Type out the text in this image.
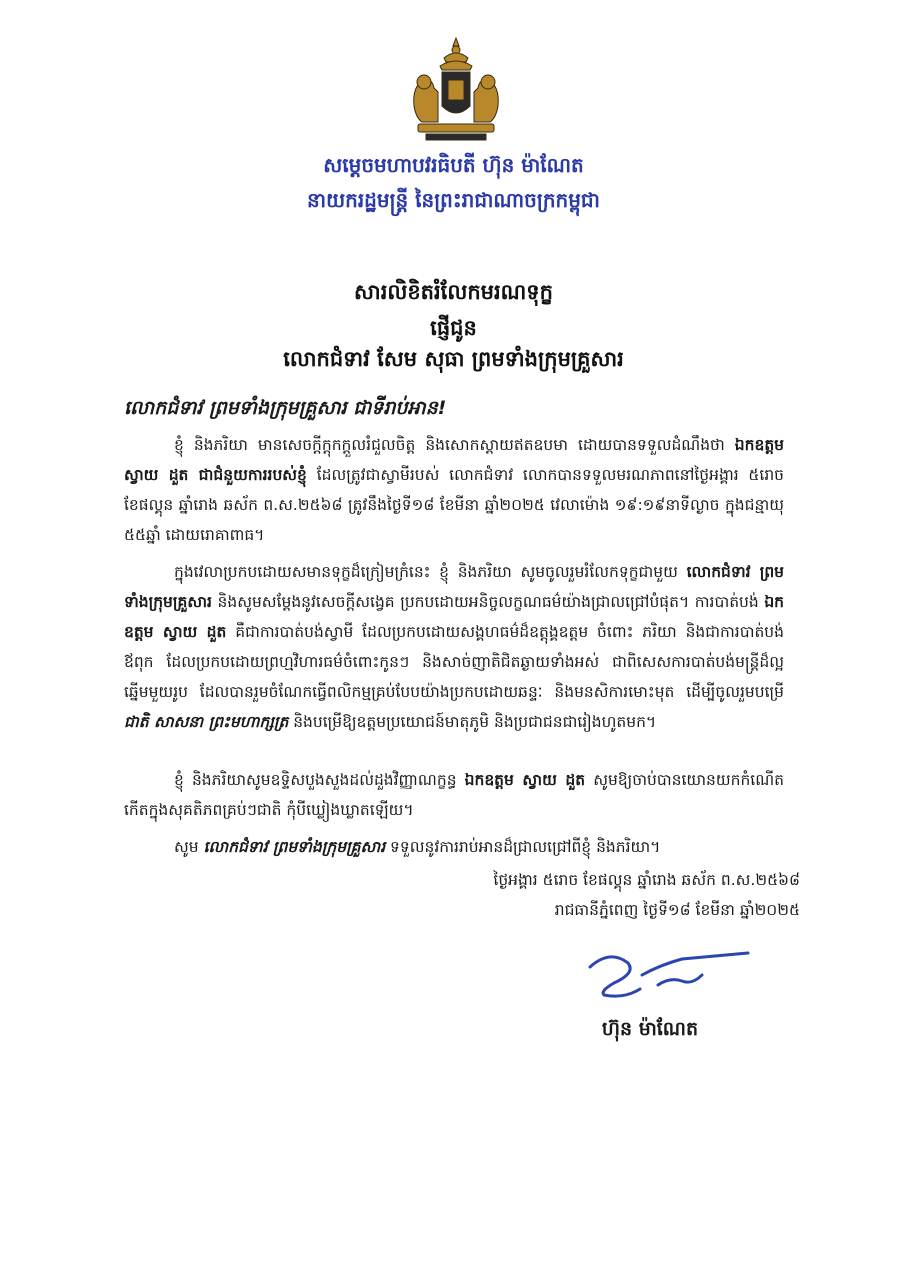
សម្តេចមហាបវរធិបតី ហ៊ុន ម៉ាណែត
នាយករដ្ឋមន្ត្រី នៃព្រះរាជាណាចក្រកម្ពុជា
សារលិខិតរំលែកមរណទុក្ខ
ផ្ញើជូន
លោកជំទាវ សែម សុធា ព្រមទាំងក្រុមគ្រួសារ
លោកជំទាវ ព្រមទាំងក្រុមគ្រួសារ ជាទីរាប់អាន!
ខ្ញុំ និងភរិយា មានសេចក្តីក្តុកក្តួលរំជួលចិត្ត និងសោកស្តាយឥតឧបមា ដោយបានទទួលដំណឹងថា ឯកឧត្តម ស្វាយ ដួត ជាជំនួយការរបស់ខ្ញុំ ដែលត្រូវជាស្វាមីរបស់ លោកជំទាវ លោកបានទទួលមរណភាពនៅថ្ងៃអង្គារ ៥រោច ខែផល្គុន ឆ្នាំរោង ឆស័ក ព.ស.២៥៦៨ ត្រូវនឹងថ្ងៃទី១៨ ខែមីនា ឆ្នាំ២០២៥ វេលាម៉ោង ១៩:១៩នាទីល្ងាច ក្នុងជន្មាយុ ៥៥ឆ្នាំ ដោយរោគាពាធ។
ក្នុងវេលាប្រកបដោយសមានទុក្ខដ៏ក្រៀមក្រំនេះ ខ្ញុំ និងភរិយា សូមចូលរួមរំលែកទុក្ខជាមួយ លោកជំទាវ ព្រមទាំងក្រុមគ្រួសារ និងសូមសម្តែងនូវសេចក្តីសង្វេគ ប្រកបដោយអនិច្ចលក្ខណធម៌យ៉ាងជ្រាលជ្រៅបំផុត។ ការបាត់បង់ ឯកឧត្តម ស្វាយ ដួត គឺជាការបាត់បង់ស្វាមី ដែលប្រកបដោយសង្គហធម៌ដ៏ឧត្តុង្គឧត្តម ចំពោះ ភរិយា និងជាការបាត់បង់ឪពុក ដែលប្រកបដោយព្រហ្មវិហារធម៌ចំពោះកូនៗ និងសាច់ញាតិជិតឆ្ងាយទាំងអស់ ជាពិសេសការបាត់បង់មន្ត្រីដ៏ល្អឆ្នើមមួយរូប ដែលបានរួមចំណែកធ្វើពលិកម្មគ្រប់បែបយ៉ាងប្រកបដោយឆន្ទៈ និងមនសិការមោះមុត ដើម្បីចូលរួមបម្រើ ជាតិ សាសនា ព្រះមហាក្សត្រ និងបម្រើឱ្យឧត្តមប្រយោជន៍មាតុភូមិ និងប្រជាជនជារៀងហូតមក។
ខ្ញុំ និងភរិយាសូមឧទ្ទិសបួងសួងដល់ដួងវិញ្ញាណក្ខន្ធ ឯកឧត្តម ស្វាយ ដួត សូមឱ្យចាប់បានយោនយកកំណើតកើតក្នុងសុគតិភពគ្រប់ៗជាតិ កុំបីឃ្លៀងឃ្លាតឡើយ។
សូម លោកជំទាវ ព្រមទាំងក្រុមគ្រួសារ ទទួលនូវការរាប់អានដ៏ជ្រាលជ្រៅពីខ្ញុំ និងភរិយា។
ថ្ងៃអង្គារ ៥រោច ខែផល្គុន ឆ្នាំរោង ឆស័ក ព.ស.២៥៦៨
រាជធានីភ្នំពេញ ថ្ងៃទី១៨ ខែមីនា ឆ្នាំ២០២៥
ហ៊ុន ម៉ាណែត
